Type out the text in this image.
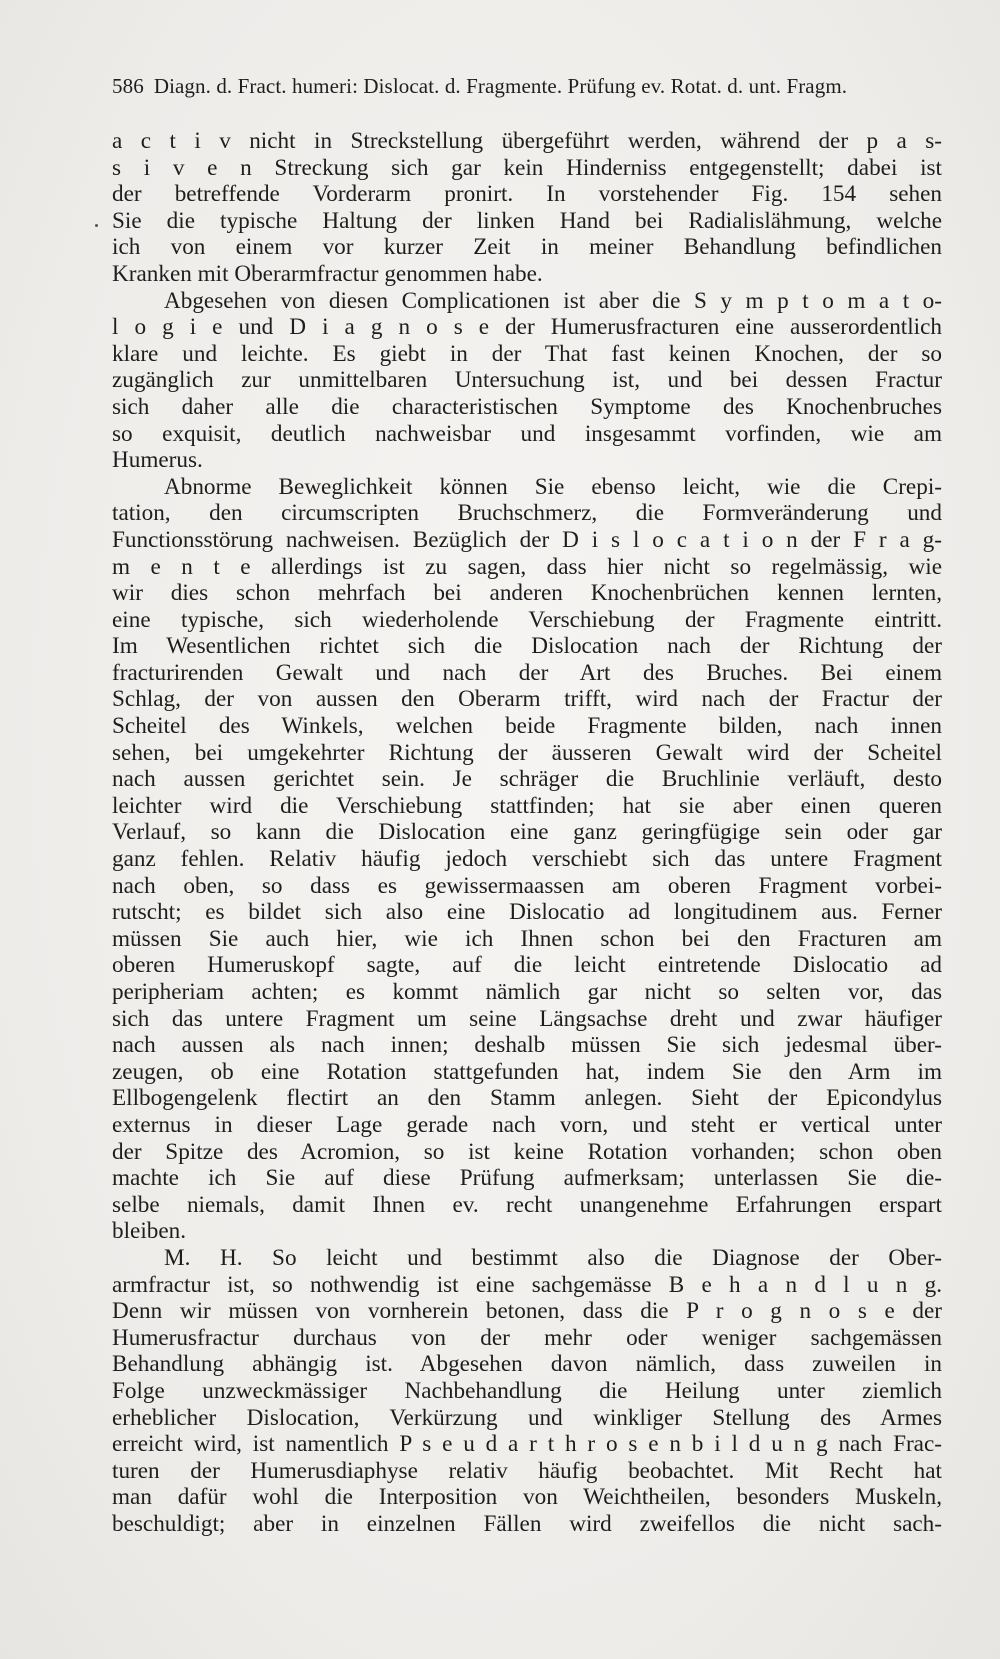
586 Diagn. d. Fract. humeri: Dislocat. d. Fragmente. Prüfung ev. Rotat. d. unt. Fragm.
a c t i v nicht in Streckstellung übergeführt werden, während der p a s-
s i v e n Streckung sich gar kein Hinderniss entgegenstellt; dabei ist
der betreffende Vorderarm pronirt. In vorstehender Fig. 154 sehen
Sie die typische Haltung der linken Hand bei Radialislähmung, welche
ich von einem vor kurzer Zeit in meiner Behandlung befindlichen
Kranken mit Oberarmfractur genommen habe.
Abgesehen von diesen Complicationen ist aber die S y m p t o m a t o-
l o g i e und D i a g n o s e der Humerusfracturen eine ausserordentlich
klare und leichte. Es giebt in der That fast keinen Knochen, der so
zugänglich zur unmittelbaren Untersuchung ist, und bei dessen Fractur
sich daher alle die characteristischen Symptome des Knochenbruches
so exquisit, deutlich nachweisbar und insgesammt vorfinden, wie am
Humerus.
Abnorme Beweglichkeit können Sie ebenso leicht, wie die Crepi-
tation, den circumscripten Bruchschmerz, die Formveränderung und
Functionsstörung nachweisen. Bezüglich der D i s l o c a t i o n der F r a g-
m e n t e allerdings ist zu sagen, dass hier nicht so regelmässig, wie
wir dies schon mehrfach bei anderen Knochenbrüchen kennen lernten,
eine typische, sich wiederholende Verschiebung der Fragmente eintritt.
Im Wesentlichen richtet sich die Dislocation nach der Richtung der
fracturirenden Gewalt und nach der Art des Bruches. Bei einem
Schlag, der von aussen den Oberarm trifft, wird nach der Fractur der
Scheitel des Winkels, welchen beide Fragmente bilden, nach innen
sehen, bei umgekehrter Richtung der äusseren Gewalt wird der Scheitel
nach aussen gerichtet sein. Je schräger die Bruchlinie verläuft, desto
leichter wird die Verschiebung stattfinden; hat sie aber einen queren
Verlauf, so kann die Dislocation eine ganz geringfügige sein oder gar
ganz fehlen. Relativ häufig jedoch verschiebt sich das untere Fragment
nach oben, so dass es gewissermaassen am oberen Fragment vorbei-
rutscht; es bildet sich also eine Dislocatio ad longitudinem aus. Ferner
müssen Sie auch hier, wie ich Ihnen schon bei den Fracturen am
oberen Humeruskopf sagte, auf die leicht eintretende Dislocatio ad
peripheriam achten; es kommt nämlich gar nicht so selten vor, das
sich das untere Fragment um seine Längsachse dreht und zwar häufiger
nach aussen als nach innen; deshalb müssen Sie sich jedesmal über-
zeugen, ob eine Rotation stattgefunden hat, indem Sie den Arm im
Ellbogengelenk flectirt an den Stamm anlegen. Sieht der Epicondylus
externus in dieser Lage gerade nach vorn, und steht er vertical unter
der Spitze des Acromion, so ist keine Rotation vorhanden; schon oben
machte ich Sie auf diese Prüfung aufmerksam; unterlassen Sie die-
selbe niemals, damit Ihnen ev. recht unangenehme Erfahrungen erspart
bleiben.
M. H. So leicht und bestimmt also die Diagnose der Ober-
armfractur ist, so nothwendig ist eine sachgemässe B e h a n d l u n g.
Denn wir müssen von vornherein betonen, dass die P r o g n o s e der
Humerusfractur durchaus von der mehr oder weniger sachgemässen
Behandlung abhängig ist. Abgesehen davon nämlich, dass zuweilen in
Folge unzweckmässiger Nachbehandlung die Heilung unter ziemlich
erheblicher Dislocation, Verkürzung und winkliger Stellung des Armes
erreicht wird, ist namentlich P s e u d a r t h r o s e n b i l d u n g nach Frac-
turen der Humerusdiaphyse relativ häufig beobachtet. Mit Recht hat
man dafür wohl die Interposition von Weichtheilen, besonders Muskeln,
beschuldigt; aber in einzelnen Fällen wird zweifellos die nicht sach-
